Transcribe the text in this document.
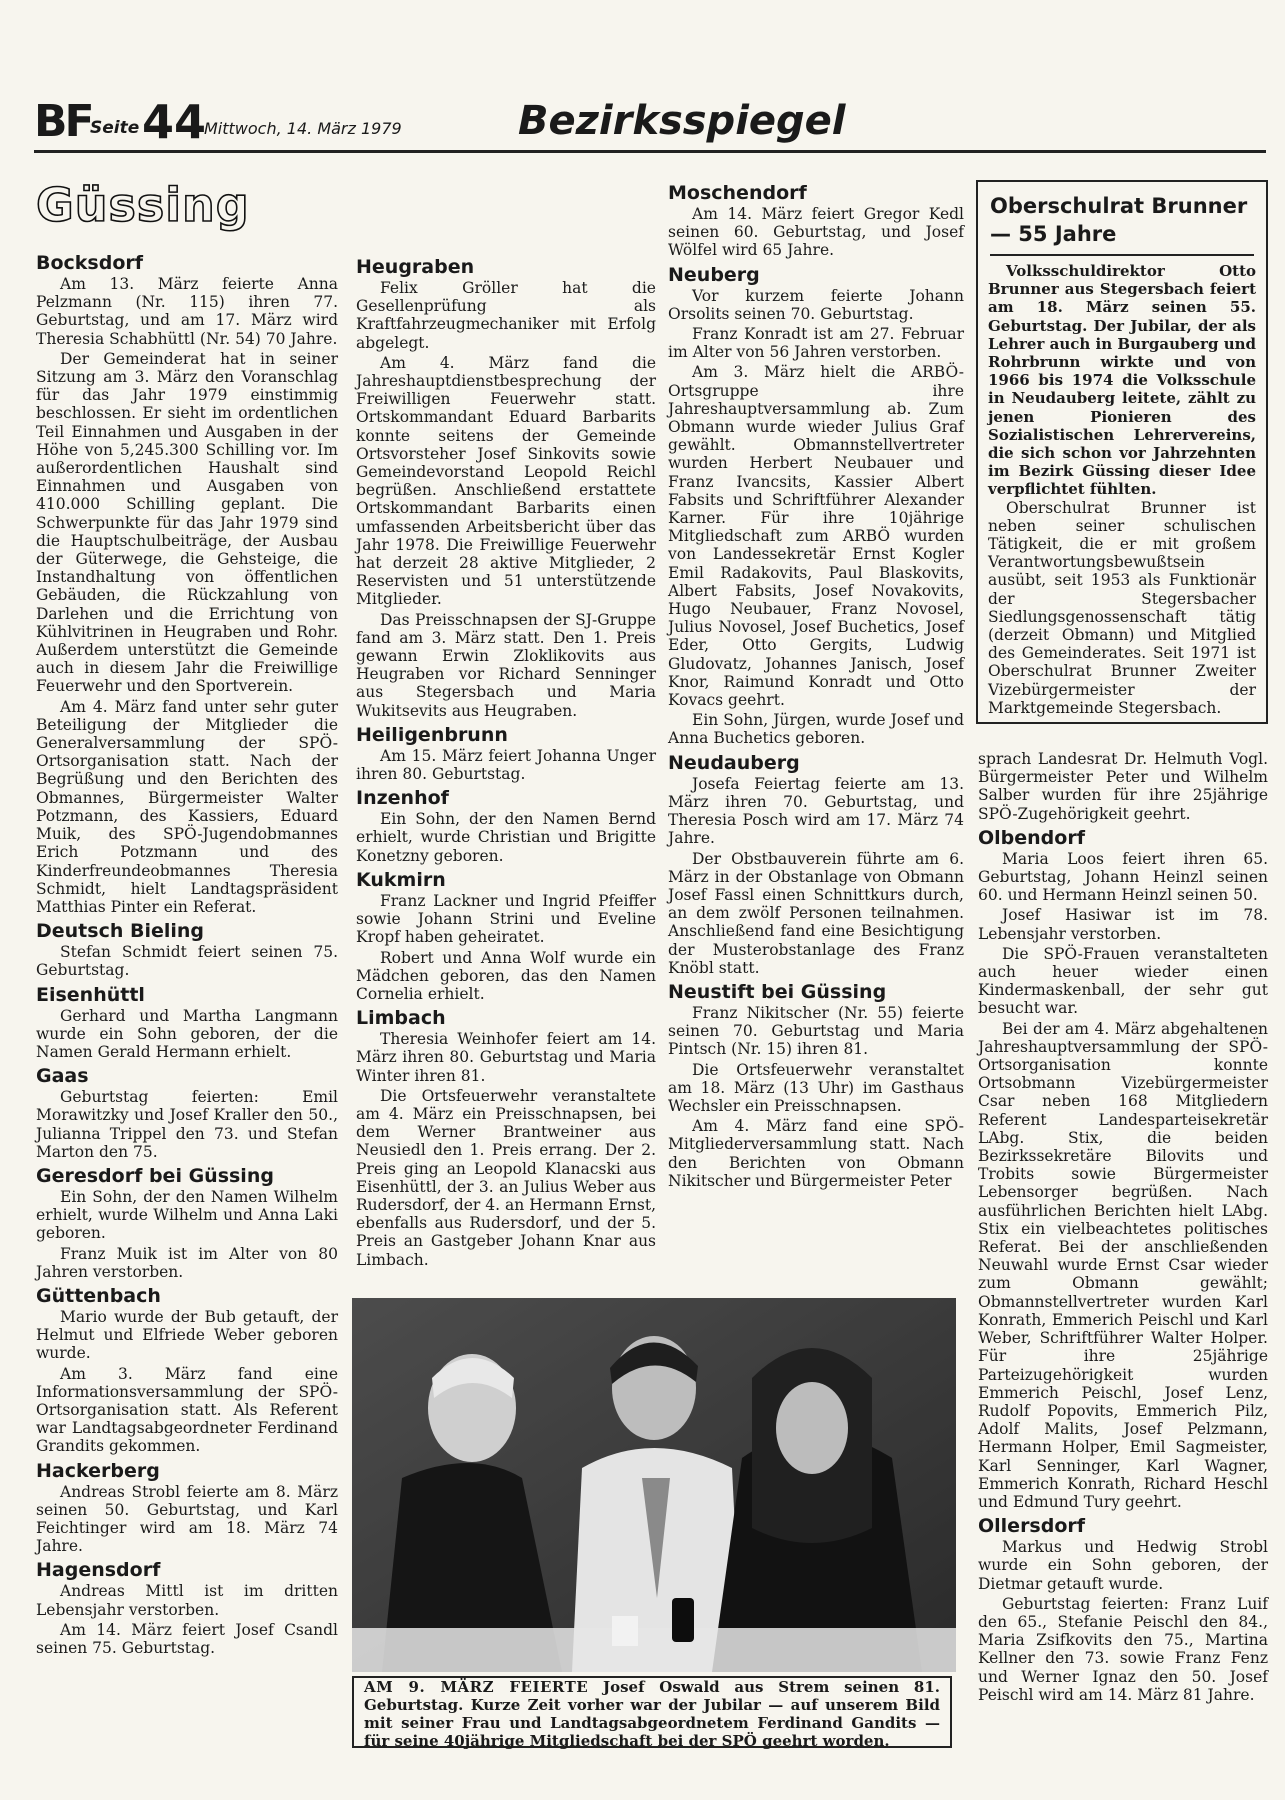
BF
Seite 44
Mittwoch, 14. März 1979	Bezirksspiegel
Güssing
Bocksdorf

Am 13. März feierte Anna Pelzmann (Nr. 115) ihren 77. Geburtstag, und am 17. März wird Theresia Schabhüttl (Nr. 54) 70 Jahre.

Der Gemeinderat hat in seiner Sitzung am 3. März den Voranschlag für das Jahr 1979 einstimmig beschlossen. Er sieht im ordentlichen Teil Einnahmen und Ausgaben in der Höhe von 5,245.300 Schilling vor. Im außerordentlichen Haushalt sind Einnahmen und Ausgaben von 410.000 Schilling geplant. Die Schwerpunkte für das Jahr 1979 sind die Hauptschulbeiträge, der Ausbau der Güterwege, die Gehsteige, die Instandhaltung von öffentlichen Gebäuden, die Rückzahlung von Darlehen und die Errichtung von Kühlvitrinen in Heugraben und Rohr. Außerdem unterstützt die Gemeinde auch in diesem Jahr die Freiwillige Feuerwehr und den Sportverein.

Am 4. März fand unter sehr guter Beteiligung der Mitglieder die Generalversammlung der SPÖ-Ortsorganisation statt. Nach der Begrüßung und den Berichten des Obmannes, Bürgermeister Walter Potzmann, des Kassiers, Eduard Muik, des SPÖ-Jugendobmannes Erich Potzmann und des Kinderfreundeobmannes Theresia Schmidt, hielt Landtagspräsident Matthias Pinter ein Referat.

Deutsch Bieling

Stefan Schmidt feiert seinen 75. Geburtstag.

Eisenhüttl

Gerhard und Martha Langmann wurde ein Sohn geboren, der die Namen Gerald Hermann erhielt.

Gaas

Geburtstag feierten: Emil Morawitzky und Josef Kraller den 50., Julianna Trippel den 73. und Stefan Marton den 75.

Geresdorf bei Güssing

Ein Sohn, der den Namen Wilhelm erhielt, wurde Wilhelm und Anna Laki geboren.

Franz Muik ist im Alter von 80 Jahren verstorben.

Güttenbach

Mario wurde der Bub getauft, der Helmut und Elfriede Weber geboren wurde.

Am 3. März fand eine Informationsversammlung der SPÖ-Ortsorganisation statt. Als Referent war Landtagsabgeordneter Ferdinand Grandits gekommen.

Hackerberg

Andreas Strobl feierte am 8. März seinen 50. Geburtstag, und Karl Feichtinger wird am 18. März 74 Jahre.

Hagensdorf

Andreas Mittl ist im dritten Lebensjahr verstorben.

Am 14. März feiert Josef Csandl seinen 75. Geburtstag.

Heugraben

Felix Gröller hat die Gesellenprüfung als Kraftfahrzeugmechaniker mit Erfolg abgelegt.

Am 4. März fand die Jahreshauptdienstbesprechung der Freiwilligen Feuerwehr statt. Ortskommandant Eduard Barbarits konnte seitens der Gemeinde Ortsvorsteher Josef Sinkovits sowie Gemeindevorstand Leopold Reichl begrüßen. Anschließend erstattete Ortskommandant Barbarits einen umfassenden Arbeitsbericht über das Jahr 1978. Die Freiwillige Feuerwehr hat derzeit 28 aktive Mitglieder, 2 Reservisten und 51 unterstützende Mitglieder.

Das Preisschnapsen der SJ-Gruppe fand am 3. März statt. Den 1. Preis gewann Erwin Zloklikovits aus Heugraben vor Richard Senninger aus Stegersbach und Maria Wukitsevits aus Heugraben.

Heiligenbrunn

Am 15. März feiert Johanna Unger ihren 80. Geburtstag.

Inzenhof

Ein Sohn, der den Namen Bernd erhielt, wurde Christian und Brigitte Konetzny geboren.

Kukmirn

Franz Lackner und Ingrid Pfeiffer sowie Johann Strini und Eveline Kropf haben geheiratet.

Robert und Anna Wolf wurde ein Mädchen geboren, das den Namen Cornelia erhielt.

Limbach

Theresia Weinhofer feiert am 14. März ihren 80. Geburtstag und Maria Winter ihren 81.

Die Ortsfeuerwehr veranstaltete am 4. März ein Preisschnapsen, bei dem Werner Brantweiner aus Neusiedl den 1. Preis errang. Der 2. Preis ging an Leopold Klanacski aus Eisenhüttl, der 3. an Julius Weber aus Rudersdorf, der 4. an Hermann Ernst, ebenfalls aus Rudersdorf, und der 5. Preis an Gastgeber Johann Knar aus Limbach.

Moschendorf

Am 14. März feiert Gregor Kedl seinen 60. Geburtstag, und Josef Wölfel wird 65 Jahre.

Neuberg

Vor kurzem feierte Johann Orsolits seinen 70. Geburtstag.

Franz Konradt ist am 27. Februar im Alter von 56 Jahren verstorben.

Am 3. März hielt die ARBÖ-Ortsgruppe ihre Jahreshauptversammlung ab. Zum Obmann wurde wieder Julius Graf gewählt. Obmannstellvertreter wurden Herbert Neubauer und Franz Ivancsits, Kassier Albert Fabsits und Schriftführer Alexander Karner. Für ihre 10jährige Mitgliedschaft zum ARBÖ wurden von Landessekretär Ernst Kogler Emil Radakovits, Paul Blaskovits, Albert Fabsits, Josef Novakovits, Hugo Neubauer, Franz Novosel, Julius Novosel, Josef Buchetics, Josef Eder, Otto Gergits, Ludwig Gludovatz, Johannes Janisch, Josef Knor, Raimund Konradt und Otto Kovacs geehrt.

Ein Sohn, Jürgen, wurde Josef und Anna Buchetics geboren.

Neudauberg

Josefa Feiertag feierte am 13. März ihren 70. Geburtstag, und Theresia Posch wird am 17. März 74 Jahre.

Der Obstbauverein führte am 6. März in der Obstanlage von Obmann Josef Fassl einen Schnittkurs durch, an dem zwölf Personen teilnahmen. Anschließend fand eine Besichtigung der Musterobstanlage des Franz Knöbl statt.

Neustift bei Güssing

Franz Nikitscher (Nr. 55) feierte seinen 70. Geburtstag und Maria Pintsch (Nr. 15) ihren 81.

Die Ortsfeuerwehr veranstaltet am 18. März (13 Uhr) im Gasthaus Wechsler ein Preisschnapsen.

Am 4. März fand eine SPÖ-Mitgliederversammlung statt. Nach den Berichten von Obmann Nikitscher und Bürgermeister Peter

Oberschulrat Brunner — 55 Jahre

Volksschuldirektor Otto Brunner aus Stegersbach feiert am 18. März seinen 55. Geburtstag. Der Jubilar, der als Lehrer auch in Burgauberg und Rohrbrunn wirkte und von 1966 bis 1974 die Volksschule in Neudauberg leitete, zählt zu jenen Pionieren des Sozialistischen Lehrervereins, die sich schon vor Jahrzehnten im Bezirk Güssing dieser Idee verpflichtet fühlten.

Oberschulrat Brunner ist neben seiner schulischen Tätigkeit, die er mit großem Verantwortungsbewußtsein ausübt, seit 1953 als Funktionär der Stegersbacher Siedlungsgenossenschaft tätig (derzeit Obmann) und Mitglied des Gemeinderates. Seit 1971 ist Oberschulrat Brunner Zweiter Vizebürgermeister der Marktgemeinde Stegersbach.

sprach Landesrat Dr. Helmuth Vogl. Bürgermeister Peter und Wilhelm Salber wurden für ihre 25jährige SPÖ-Zugehörigkeit geehrt.

Olbendorf

Maria Loos feiert ihren 65. Geburtstag, Johann Heinzl seinen 60. und Hermann Heinzl seinen 50.

Josef Hasiwar ist im 78. Lebensjahr verstorben.

Die SPÖ-Frauen veranstalteten auch heuer wieder einen Kindermaskenball, der sehr gut besucht war.

Bei der am 4. März abgehaltenen Jahreshauptversammlung der SPÖ-Ortsorganisation konnte Ortsobmann Vizebürgermeister Csar neben 168 Mitgliedern Referent Landesparteisekretär LAbg. Stix, die beiden Bezirkssekretäre Bilovits und Trobits sowie Bürgermeister Lebensorger begrüßen. Nach ausführlichen Berichten hielt LAbg. Stix ein vielbeachtetes politisches Referat. Bei der anschließenden Neuwahl wurde Ernst Csar wieder zum Obmann gewählt; Obmannstellvertreter wurden Karl Konrath, Emmerich Peischl und Karl Weber, Schriftführer Walter Holper. Für ihre 25jährige Parteizugehörigkeit wurden Emmerich Peischl, Josef Lenz, Rudolf Popovits, Emmerich Pilz, Adolf Malits, Josef Pelzmann, Hermann Holper, Emil Sagmeister, Karl Senninger, Karl Wagner, Emmerich Konrath, Richard Heschl und Edmund Tury geehrt.

Ollersdorf

Markus und Hedwig Strobl wurde ein Sohn geboren, der Dietmar getauft wurde.

Geburtstag feierten: Franz Luif den 65., Stefanie Peischl den 84., Maria Zsifkovits den 75., Martina Kellner den 73. sowie Franz Fenz und Werner Ignaz den 50. Josef Peischl wird am 14. März 81 Jahre.

AM 9. MÄRZ FEIERTE Josef Oswald aus Strem seinen 81. Geburtstag. Kurze Zeit vorher war der Jubilar — auf unserem Bild mit seiner Frau und Landtagsabgeordnetem Ferdinand Gandits — für seine 40jährige Mitgliedschaft bei der SPÖ geehrt worden.
